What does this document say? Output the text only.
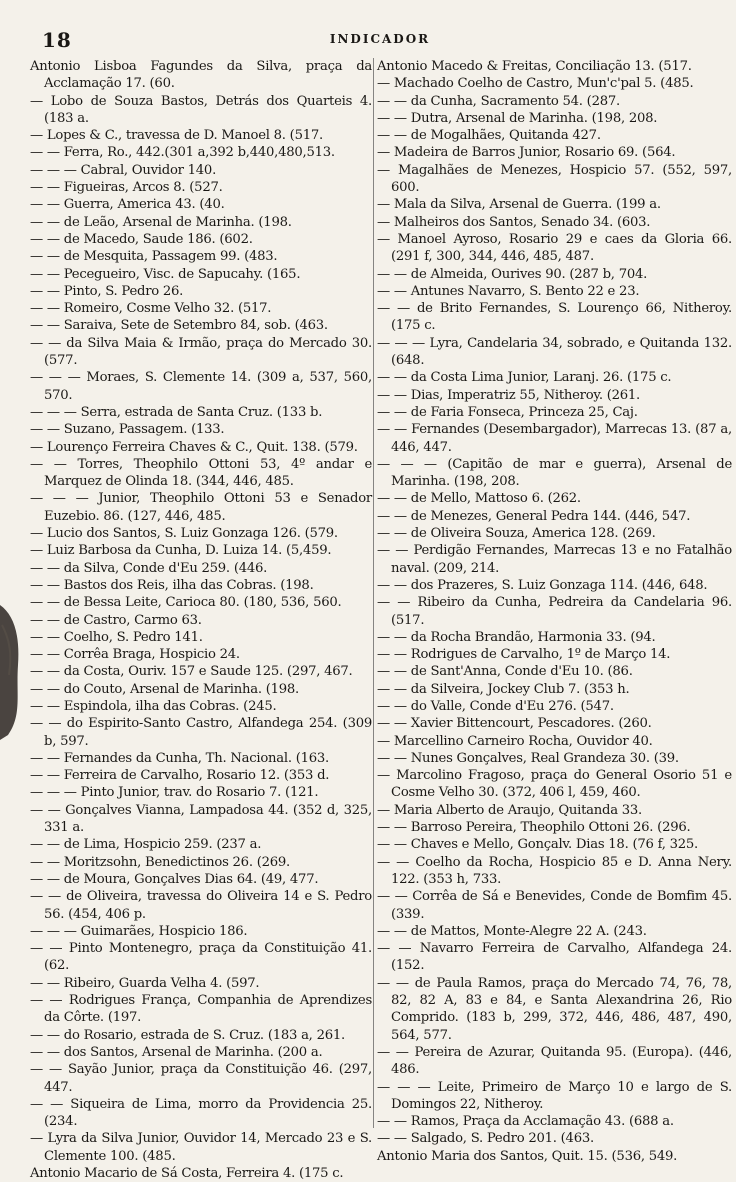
18	INDICADOR

Antonio Lisboa Fagundes da Silva, praça da Acclamação 17. (60.

— Lobo de Souza Bastos, Detrás dos Quarteis 4. (183 a.

— Lopes & C., travessa de D. Manoel 8. (517.

— — Ferra, Ro., 442.(301 a,392 b,440,480,513.

— — — Cabral, Ouvidor 140.

— — Figueiras, Arcos 8. (527.

— — Guerra, America 43. (40.

— — de Leão, Arsenal de Marinha. (198.

— — de Macedo, Saude 186. (602.

— — de Mesquita, Passagem 99. (483.

— — Pecegueiro, Visc. de Sapucahy. (165.

— — Pinto, S. Pedro 26.

— — Romeiro, Cosme Velho 32. (517.

— — Saraiva, Sete de Setembro 84, sob. (463.

— — da Silva Maia & Irmão, praça do Mercado 30. (577.

— — — Moraes, S. Clemente 14. (309 a, 537, 560, 570.

— — — Serra, estrada de Santa Cruz. (133 b.

— — Suzano, Passagem. (133.

— Lourenço Ferreira Chaves & C., Quit. 138. (579.

— — Torres, Theophilo Ottoni 53, 4º andar e Marquez de Olinda 18. (344, 446, 485.

— — — Junior, Theophilo Ottoni 53 e Senador Euzebio. 86. (127, 446, 485.

— Lucio dos Santos, S. Luiz Gonzaga 126. (579.

— Luiz Barbosa da Cunha, D. Luiza 14. (5,459.

— — da Silva, Conde d'Eu 259. (446.

— — Bastos dos Reis, ilha das Cobras. (198.

— — de Bessa Leite, Carioca 80. (180, 536, 560.

— — de Castro, Carmo 63.

— — Coelho, S. Pedro 141.

— — Corrêa Braga, Hospicio 24.

— — da Costa, Ouriv. 157 e Saude 125. (297, 467.

— — do Couto, Arsenal de Marinha. (198.

— — Espindola, ilha das Cobras. (245.

— — do Espirito-Santo Castro, Alfandega 254. (309 b, 597.

— — Fernandes da Cunha, Th. Nacional. (163.

— — Ferreira de Carvalho, Rosario 12. (353 d.

— — — Pinto Junior, trav. do Rosario 7. (121.

— — Gonçalves Vianna, Lampadosa 44. (352 d, 325, 331 a.

— — de Lima, Hospicio 259. (237 a.

— — Moritzsohn, Benedictinos 26. (269.

— — de Moura, Gonçalves Dias 64. (49, 477.

— — de Oliveira, travessa do Oliveira 14 e S. Pedro 56. (454, 406 p.

— — — Guimarães, Hospicio 186.

— — Pinto Montenegro, praça da Constituição 41. (62.

— — Ribeiro, Guarda Velha 4. (597.

— — Rodrigues França, Companhia de Aprendizes da Côrte. (197.

— — do Rosario, estrada de S. Cruz. (183 a, 261.

— — dos Santos, Arsenal de Marinha. (200 a.

— — Sayão Junior, praça da Constituição 46. (297, 447.

— — Siqueira de Lima, morro da Providencia 25. (234.

— Lyra da Silva Junior, Ouvidor 14, Mercado 23 e S. Clemente 100. (485.

Antonio Macario de Sá Costa, Ferreira 4. (175 c.

Antonio Macedo & Freitas, Conciliação 13. (517.

— Machado Coelho de Castro, Mun'c'pal 5. (485.

— — da Cunha, Sacramento 54. (287.

— — Dutra, Arsenal de Marinha. (198, 208.

— — de Mogalhães, Quitanda 427.

— Madeira de Barros Junior, Rosario 69. (564.

— Magalhães de Menezes, Hospicio 57. (552, 597, 600.

— Mala da Silva, Arsenal de Guerra. (199 a.

— Malheiros dos Santos, Senado 34. (603.

— Manoel Ayroso, Rosario 29 e caes da Gloria 66. (291 f, 300, 344, 446, 485, 487.

— — de Almeida, Ourives 90. (287 b, 704.

— — Antunes Navarro, S. Bento 22 e 23.

— — de Brito Fernandes, S. Lourenço 66, Nitheroy. (175 c.

— — — Lyra, Candelaria 34, sobrado, e Quitanda 132. (648.

— — da Costa Lima Junior, Laranj. 26. (175 c.

— — Dias, Imperatriz 55, Nitheroy. (261.

— — de Faria Fonseca, Princeza 25, Caj.

— — Fernandes (Desembargador), Marrecas 13. (87 a, 446, 447.

— — — (Capitão de mar e guerra), Arsenal de Marinha. (198, 208.

— — de Mello, Mattoso 6. (262.

— — de Menezes, General Pedra 144. (446, 547.

— — de Oliveira Souza, America 128. (269.

— — Perdigão Fernandes, Marrecas 13 e no Fatalhão naval. (209, 214.

— — dos Prazeres, S. Luiz Gonzaga 114. (446, 648.

— — Ribeiro da Cunha, Pedreira da Candelaria 96. (517.

— — da Rocha Brandão, Harmonia 33. (94.

— — Rodrigues de Carvalho, 1º de Março 14.

— — de Sant'Anna, Conde d'Eu 10. (86.

— — da Silveira, Jockey Club 7. (353 h.

— — do Valle, Conde d'Eu 276. (547.

— — Xavier Bittencourt, Pescadores. (260.

— Marcellino Carneiro Rocha, Ouvidor 40.

— — Nunes Gonçalves, Real Grandeza 30. (39.

— Marcolino Fragoso, praça do General Osorio 51 e Cosme Velho 30. (372, 406 l, 459, 460.

— Maria Alberto de Araujo, Quitanda 33.

— — Barroso Pereira, Theophilo Ottoni 26. (296.

— — Chaves e Mello, Gonçalv. Dias 18. (76 f, 325.

— — Coelho da Rocha, Hospicio 85 e D. Anna Nery. 122. (353 h, 733.

— — Corrêa de Sá e Benevides, Conde de Bomfim 45. (339.

— — de Mattos, Monte-Alegre 22 A. (243.

— — Navarro Ferreira de Carvalho, Alfandega 24. (152.

— — de Paula Ramos, praça do Mercado 74, 76, 78, 82, 82 A, 83 e 84, e Santa Alexandrina 26, Rio Comprido. (183 b, 299, 372, 446, 486, 487, 490, 564, 577.

— — Pereira de Azurar, Quitanda 95. (Europa). (446, 486.

— — — Leite, Primeiro de Março 10 e largo de S. Domingos 22, Nitheroy.

— — Ramos, Praça da Acclamação 43. (688 a.

— — Salgado, S. Pedro 201. (463.

Antonio Maria dos Santos, Quit. 15. (536, 549.
